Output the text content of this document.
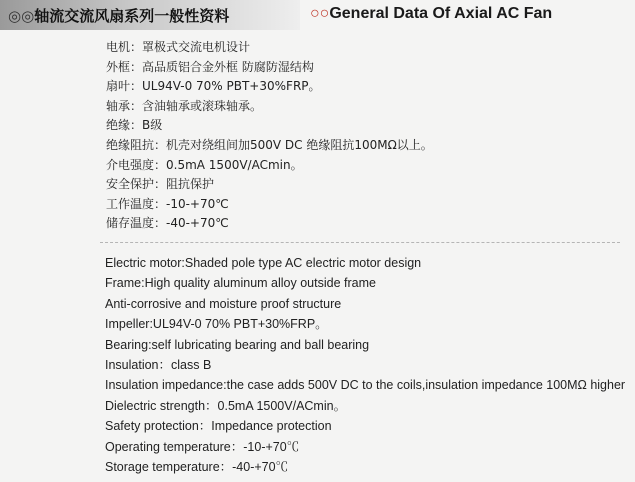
◎◎轴流交流风扇系列一般性资料	○○General Data Of Axial AC Fan
电机：罩极式交流电机设计
外框：高品质铝合金外框 防腐防湿结构
扇叶：UL94V-0 70% PBT+30%FRP。
轴承：含油轴承或滚珠轴承。
绝缘：B级
绝缘阻抗：机壳对绕组间加500V DC 绝缘阻抗100MΩ以上。
介电强度：0.5mA 1500V/ACmin。
安全保护：阻抗保护
工作温度：-10-+70℃
储存温度：-40-+70℃
Electric motor:Shaded pole type AC electric motor design
Frame:High quality aluminum alloy outside frame
Anti-corrosive and moisture proof structure
Impeller:UL94V-0 70% PBT+30%FRP。
Bearing:self lubricating bearing and ball bearing
Insulation：class B
Insulation impedance:the case adds 500V DC to the coils,insulation impedance 100MΩ higher
Dielectric strength：0.5mA 1500V/ACmin。
Safety protection：Impedance protection
Operating temperature：-10-+70℃
Storage temperature：-40-+70℃
